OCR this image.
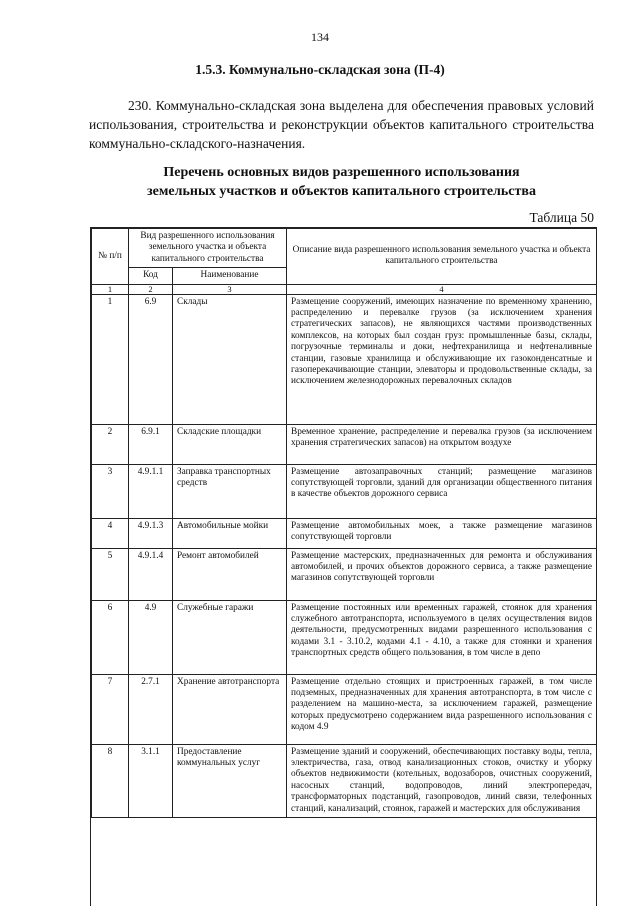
134
1.5.3. Коммунально-складская зона (П-4)

230. Коммунально-складская зона выделена для обеспечения правовых условий использования, строительства и реконструкции объектов капитального строительства коммунально-складского-назначения.

Перечень основных видов разрешенного использования
земельных участков и объектов капитального строительства
Таблица 50
№ п/п	Вид разрешенного использования земельного участка и объекта капитального строительства		Описание вида разрешенного использования земельного участка и объекта капитального строительства
	Код	Наименование	
1	2	3	4
1	6.9	Склады	Размещение сооружений, имеющих назначение по временному хранению, распределению и перевалке грузов (за исключением хранения стратегических запасов), не являющихся частями производственных комплексов, на которых был создан груз: промышленные базы, склады, погрузочные терминалы и доки, нефтехранилища и нефтеналивные станции, газовые хранилища и обслуживающие их газоконденсатные и газоперекачивающие станции, элеваторы и продовольственные склады, за исключением железнодорожных перевалочных складов
2	6.9.1	Складские площадки	Временное хранение, распределение и перевалка грузов (за исключением хранения стратегических запасов) на открытом воздухе
3	4.9.1.1	Заправка транспортных средств	Размещение автозаправочных станций; размещение магазинов сопутствующей торговли, зданий для организации общественного питания в качестве объектов дорожного сервиса
4	4.9.1.3	Автомобильные мойки	Размещение автомобильных моек, а также размещение магазинов сопутствующей торговли
5	4.9.1.4	Ремонт автомобилей	Размещение мастерских, предназначенных для ремонта и обслуживания автомобилей, и прочих объектов дорожного сервиса, а также размещение магазинов сопутствующей торговли
6	4.9	Служебные гаражи	Размещение постоянных или временных гаражей, стоянок для хранения служебного автотранспорта, используемого в целях осуществления видов деятельности, предусмотренных видами разрешенного использования с кодами 3.1 - 3.10.2, кодами 4.1 - 4.10, а также для стоянки и хранения транспортных средств общего пользования, в том числе в депо
7	2.7.1	Хранение автотранспорта	Размещение отдельно стоящих и пристроенных гаражей, в том числе подземных, предназначенных для хранения автотранспорта, в том числе с разделением на машино-места, за исключением гаражей, размещение которых предусмотрено содержанием вида разрешенного использования с кодом 4.9
8	3.1.1	Предоставление коммунальных услуг	Размещение зданий и сооружений, обеспечивающих поставку воды, тепла, электричества, газа, отвод канализационных стоков, очистку и уборку объектов недвижимости (котельных, водозаборов, очистных сооружений, насосных станций, водопроводов, линий электропередач, трансформаторных подстанций, газопроводов, линий связи, телефонных станций, канализаций, стоянок, гаражей и мастерских для обслуживания
